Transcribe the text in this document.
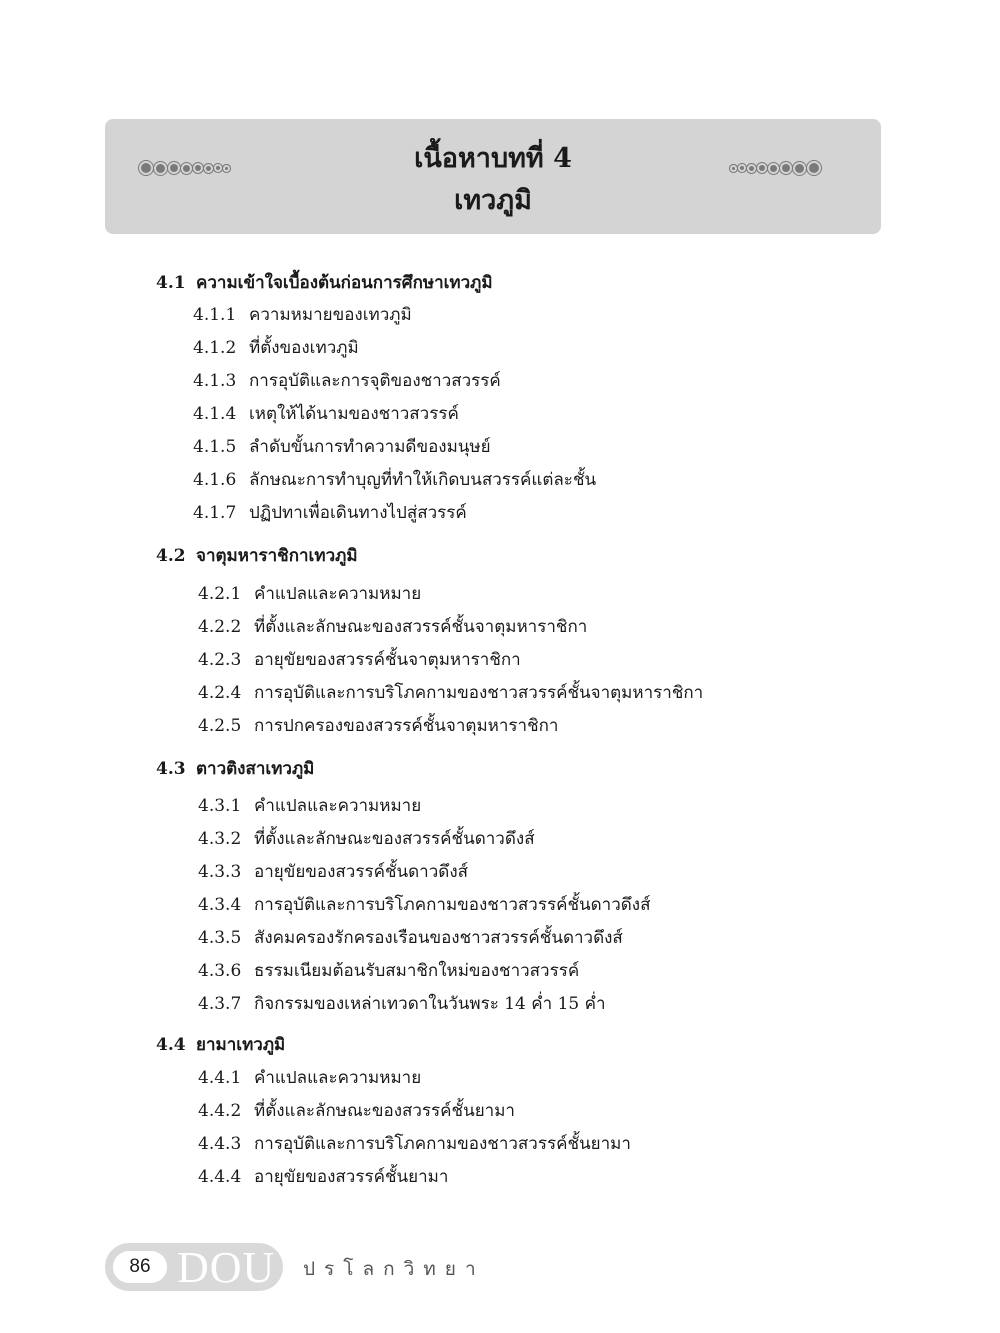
เนื้อหาบทที่ 4
เทวภูมิ
4.1 ความเข้าใจเบื้องต้นก่อนการศึกษาเทวภูมิ
4.1.1 ความหมายของเทวภูมิ
4.1.2 ที่ตั้งของเทวภูมิ
4.1.3 การอุบัติและการจุติของชาวสวรรค์
4.1.4 เหตุให้ได้นามของชาวสวรรค์
4.1.5 ลำดับขั้นการทำความดีของมนุษย์
4.1.6 ลักษณะการทำบุญที่ทำให้เกิดบนสวรรค์แต่ละชั้น
4.1.7 ปฏิปทาเพื่อเดินทางไปสู่สวรรค์
4.2 จาตุมหาราชิกาเทวภูมิ
4.2.1 คำแปลและความหมาย
4.2.2 ที่ตั้งและลักษณะของสวรรค์ชั้นจาตุมหาราชิกา
4.2.3 อายุขัยของสวรรค์ชั้นจาตุมหาราชิกา
4.2.4 การอุบัติและการบริโภคกามของชาวสวรรค์ชั้นจาตุมหาราชิกา
4.2.5 การปกครองของสวรรค์ชั้นจาตุมหาราชิกา
4.3 ตาวติงสาเทวภูมิ
4.3.1 คำแปลและความหมาย
4.3.2 ที่ตั้งและลักษณะของสวรรค์ชั้นดาวดึงส์
4.3.3 อายุขัยของสวรรค์ชั้นดาวดึงส์
4.3.4 การอุบัติและการบริโภคกามของชาวสวรรค์ชั้นดาวดึงส์
4.3.5 สังคมครองรักครองเรือนของชาวสวรรค์ชั้นดาวดึงส์
4.3.6 ธรรมเนียมต้อนรับสมาชิกใหม่ของชาวสวรรค์
4.3.7 กิจกรรมของเหล่าเทวดาในวันพระ 14 ค่ำ 15 ค่ำ
4.4 ยามาเทวภูมิ
4.4.1 คำแปลและความหมาย
4.4.2 ที่ตั้งและลักษณะของสวรรค์ชั้นยามา
4.4.3 การอุบัติและการบริโภคกามของชาวสวรรค์ชั้นยามา
4.4.4 อายุขัยของสวรรค์ชั้นยามา
86 DOU ปรโลกวิทยา
